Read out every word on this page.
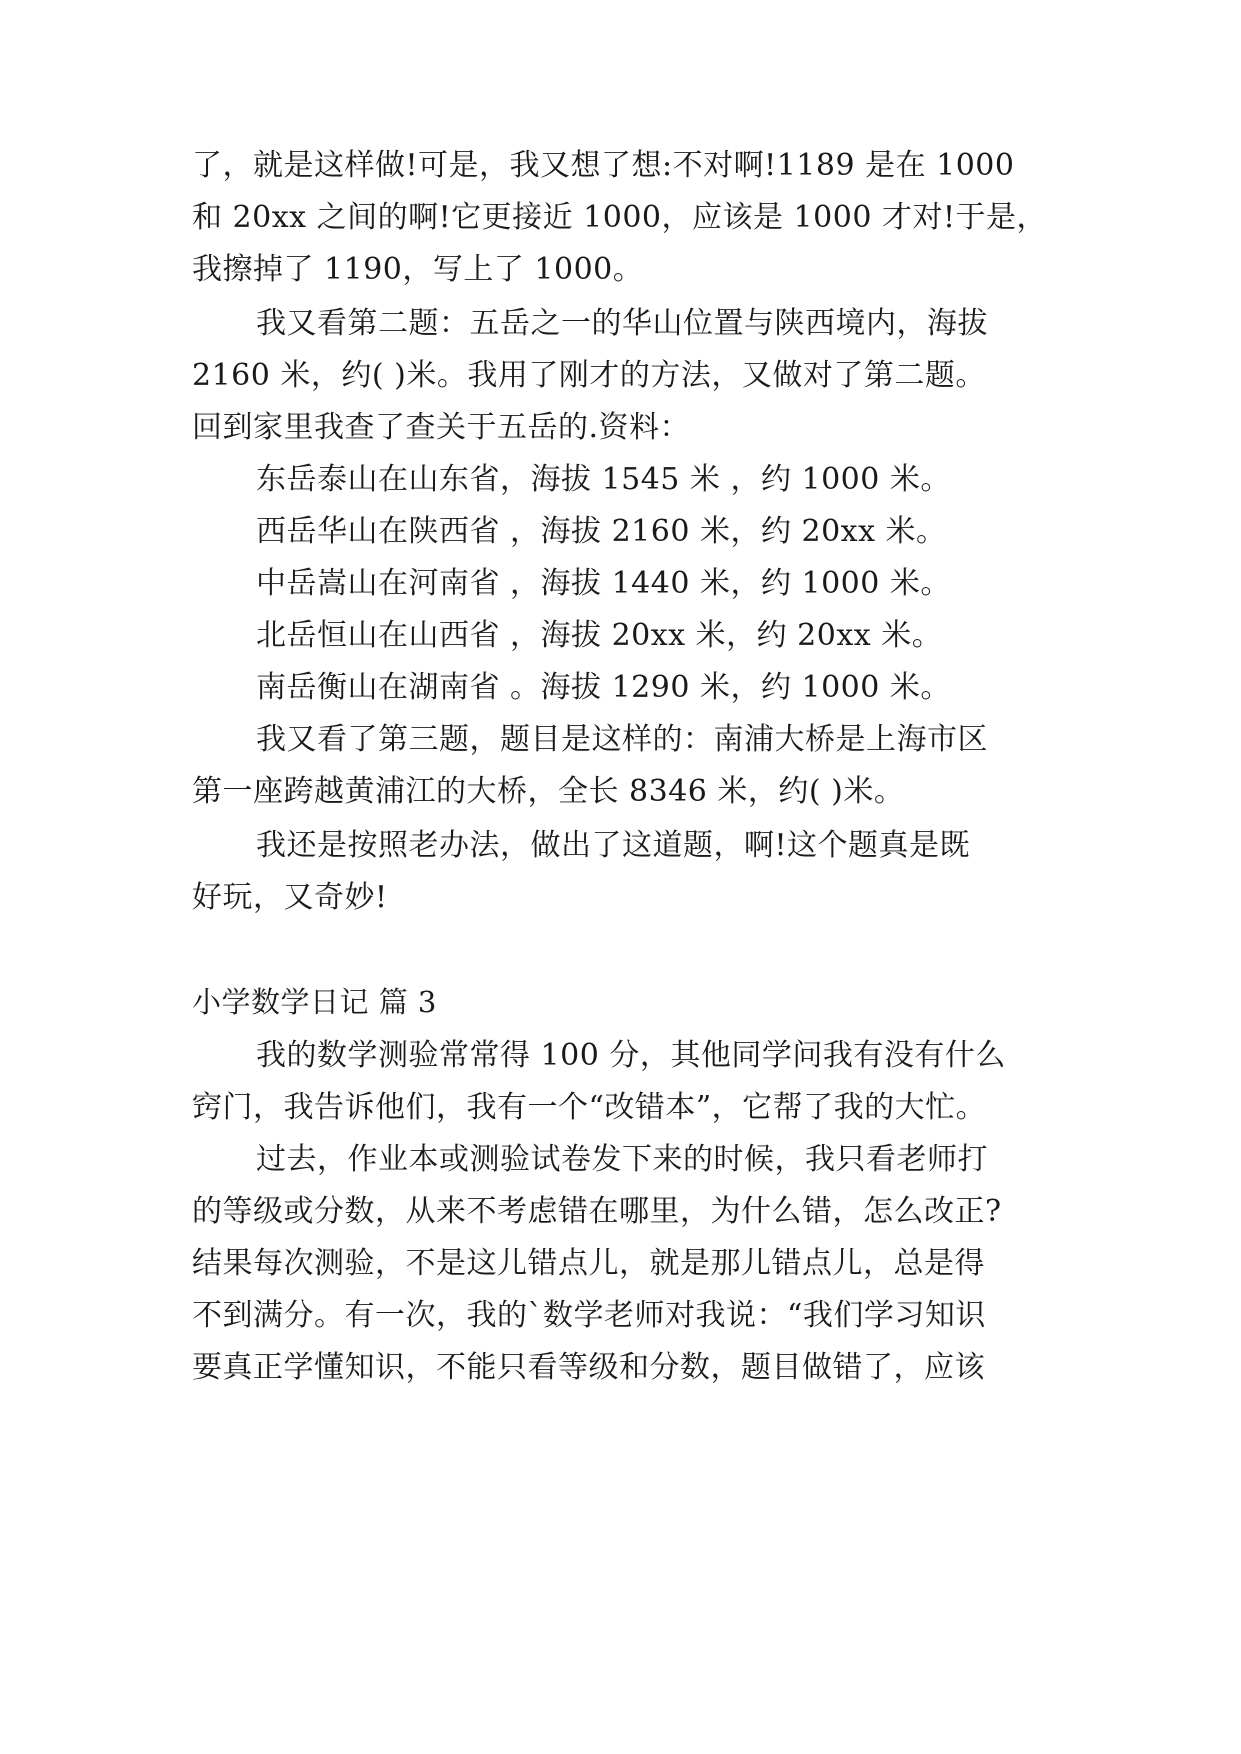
了，就是这样做!可是，我又想了想:不对啊!1189 是在 1000
和 20xx 之间的啊!它更接近 1000，应该是 1000 才对!于是，
我擦掉了 1190，写上了 1000。
我又看第二题：五岳之一的华山位置与陕西境内，海拔
2160 米，约( )米。我用了刚才的方法，又做对了第二题。
回到家里我查了查关于五岳的.资料：
东岳泰山在山东省，海拔 1545 米 ，约 1000 米。
西岳华山在陕西省 ，海拔 2160 米，约 20xx 米。
中岳嵩山在河南省 ，海拔 1440 米，约 1000 米。
北岳恒山在山西省 ，海拔 20xx 米，约 20xx 米。
南岳衡山在湖南省 。海拔 1290 米，约 1000 米。
我又看了第三题，题目是这样的：南浦大桥是上海市区
第一座跨越黄浦江的大桥，全长 8346 米，约( )米。
我还是按照老办法，做出了这道题，啊!这个题真是既
好玩，又奇妙!
小学数学日记 篇 3
我的数学测验常常得 100 分，其他同学问我有没有什么
窍门，我告诉他们，我有一个“改错本”，它帮了我的大忙。
过去，作业本或测验试卷发下来的时候，我只看老师打
的等级或分数，从来不考虑错在哪里，为什么错，怎么改正?
结果每次测验，不是这儿错点儿，就是那儿错点儿，总是得
不到满分。有一次，我的`数学老师对我说：“我们学习知识
要真正学懂知识，不能只看等级和分数，题目做错了，应该
